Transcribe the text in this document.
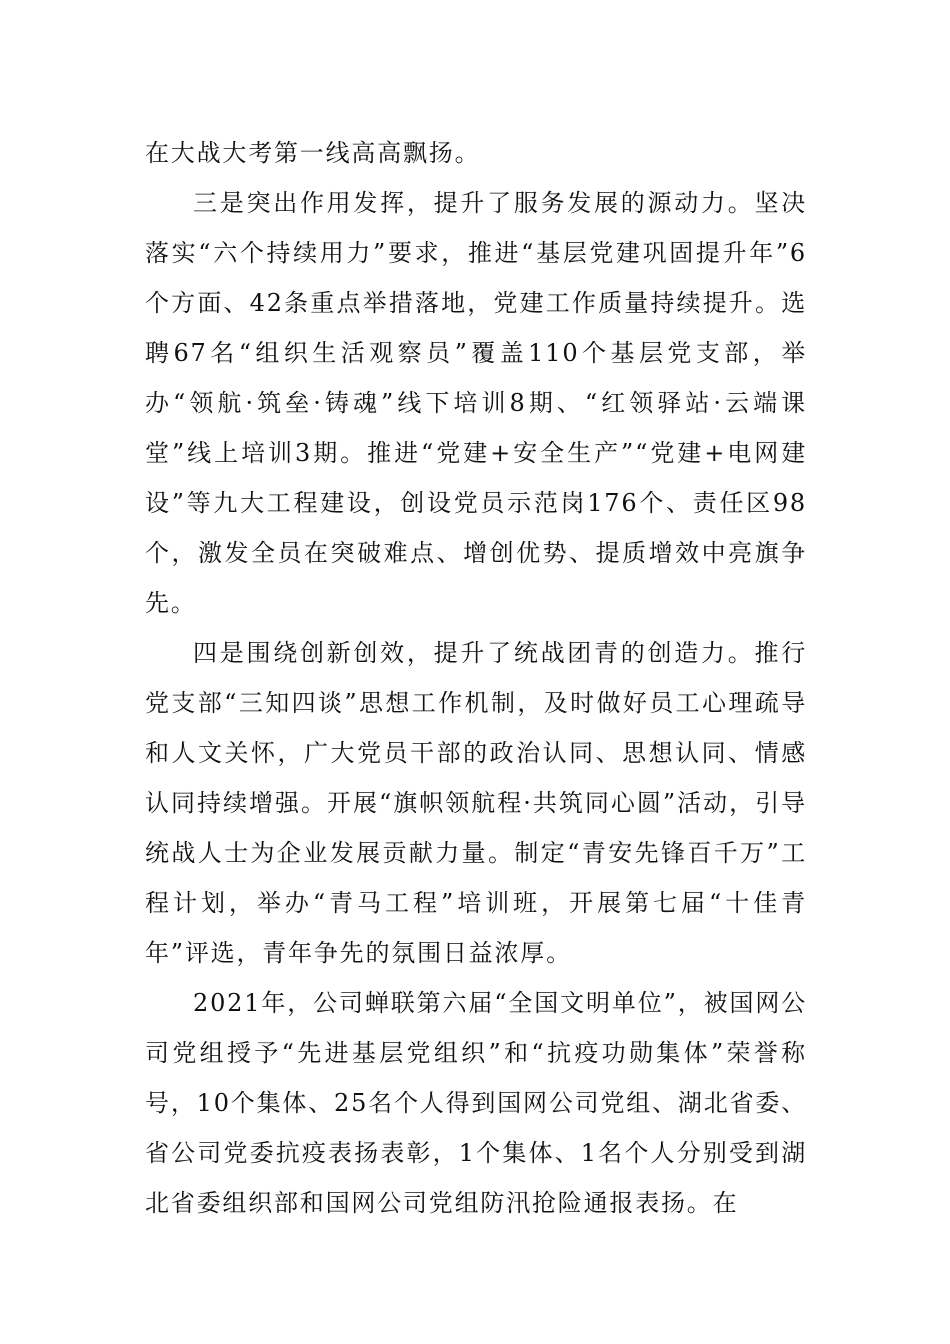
在大战大考第一线高高飘扬。

三是突出作用发挥，提升了服务发展的源动力。坚决落实“六个持续用力”要求，推进“基层党建巩固提升年”6个方面、42条重点举措落地，党建工作质量持续提升。选聘67名“组织生活观察员”覆盖110个基层党支部，举办“领航·筑垒·铸魂”线下培训8期、“红领驿站·云端课堂”线上培训3期。推进“党建+安全生产”“党建+电网建设”等九大工程建设，创设党员示范岗176个、责任区98个，激发全员在突破难点、增创优势、提质增效中亮旗争先。

四是围绕创新创效，提升了统战团青的创造力。推行党支部“三知四谈”思想工作机制，及时做好员工心理疏导和人文关怀，广大党员干部的政治认同、思想认同、情感认同持续增强。开展“旗帜领航程·共筑同心圆”活动，引导统战人士为企业发展贡献力量。制定“青安先锋百千万”工程计划，举办“青马工程”培训班，开展第七届“十佳青年”评选，青年争先的氛围日益浓厚。

2021年，公司蝉联第六届“全国文明单位”，被国网公司党组授予“先进基层党组织”和“抗疫功勋集体”荣誉称号，10个集体、25名个人得到国网公司党组、湖北省委、省公司党委抗疫表扬表彰，1个集体、1名个人分别受到湖北省委组织部和国网公司党组防汛抢险通报表扬。在
